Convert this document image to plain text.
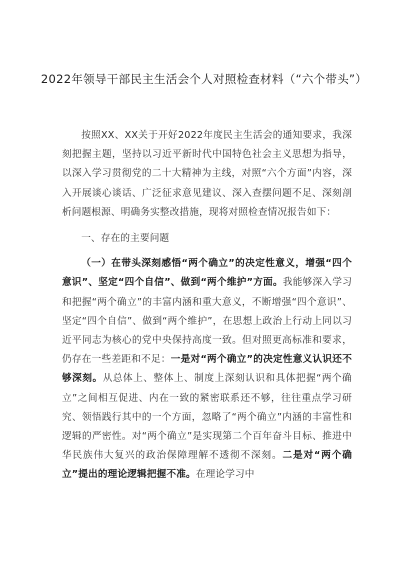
2022年领导干部民主生活会个人对照检查材料（“六个带头”）

按照XX、XX关于开好2022年度民主生活会的通知要求，我深刻把握主题，坚持以习近平新时代中国特色社会主义思想为指导，以深入学习贯彻党的二十大精神为主线，对照“六个方面”内容，深入开展谈心谈话、广泛征求意见建议、深入查摆问题不足、深刻剖析问题根源、明确务实整改措施，现将对照检查情况报告如下：

一、存在的主要问题

（一）在带头深刻感悟“两个确立”的决定性意义，增强“四个意识”、坚定“四个自信”、做到“两个维护”方面。我能够深入学习和把握“两个确立”的丰富内涵和重大意义，不断增强“四个意识”、坚定“四个自信”、做到“两个维护”，在思想上政治上行动上同以习近平同志为核心的党中央保持高度一致。但对照更高标准和要求，仍存在一些差距和不足：一是对“两个确立”的决定性意义认识还不够深刻。从总体上、整体上、制度上深刻认识和具体把握“两个确立”之间相互促进、内在一致的紧密联系还不够，往往重点学习研究、领悟践行其中的一个方面，忽略了“两个确立”内涵的丰富性和逻辑的严密性。对“两个确立”是实现第二个百年奋斗目标、推进中华民族伟大复兴的政治保障理解不透彻不深刻。二是对“两个确立”提出的理论逻辑把握不准。在理论学习中
